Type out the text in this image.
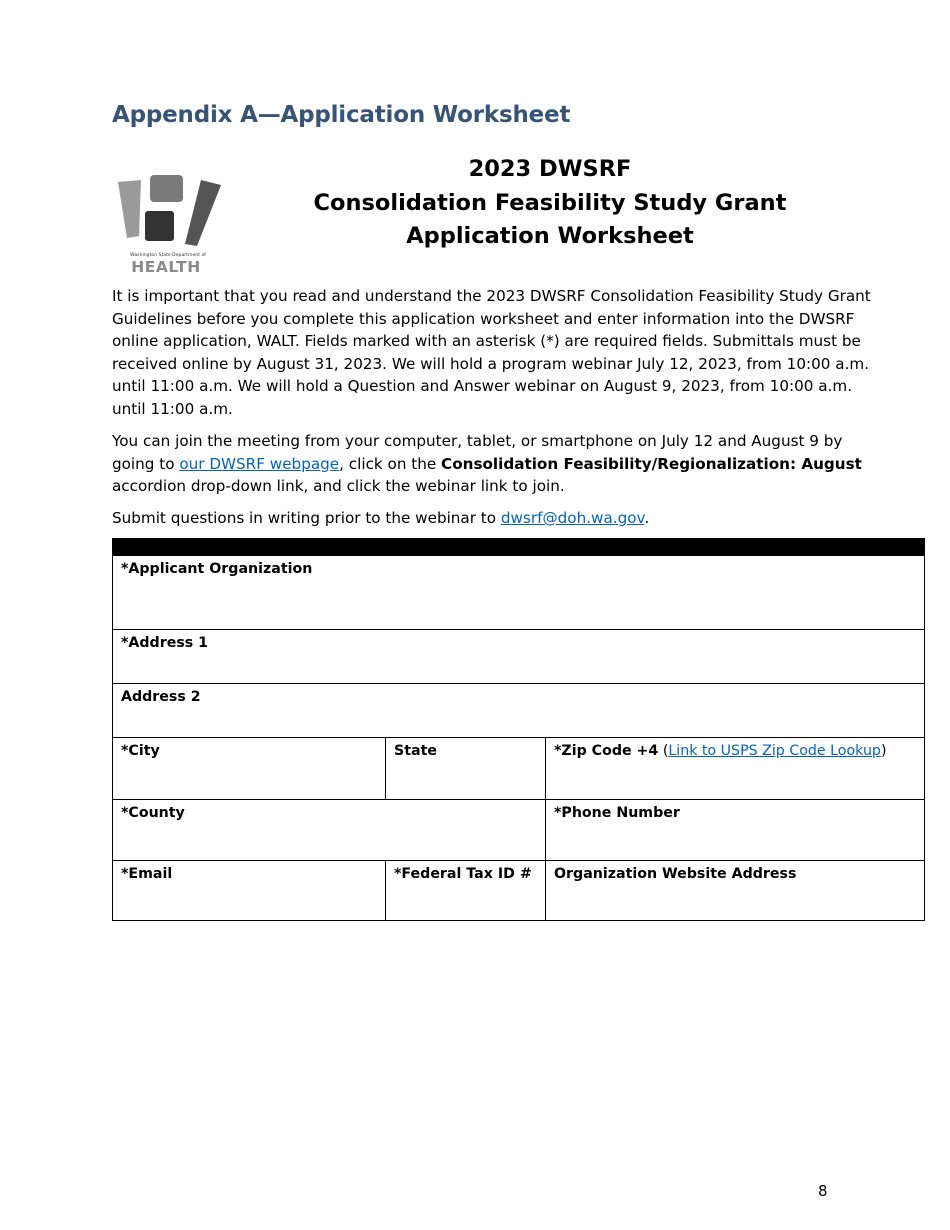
Appendix A—Application Worksheet
Washington State Department of
HEALTH
2023 DWSRF
Consolidation Feasibility Study Grant
Application Worksheet

It is important that you read and understand the 2023 DWSRF Consolidation Feasibility Study Grant Guidelines before you complete this application worksheet and enter information into the DWSRF online application, WALT. Fields marked with an asterisk (*) are required fields. Submittals must be received online by August 31, 2023. We will hold a program webinar July 12, 2023, from 10:00 a.m. until 11:00 a.m. We will hold a Question and Answer webinar on August 9, 2023, from 10:00 a.m. until 11:00 a.m.

You can join the meeting from your computer, tablet, or smartphone on July 12 and August 9 by going to our DWSRF webpage, click on the Consolidation Feasibility/Regionalization: August accordion drop-down link, and click the webinar link to join.

Submit questions in writing prior to the webinar to dwsrf@doh.wa.gov.

*Applicant Organization		
*Address 1		
Address 2		
*City	State	*Zip Code +4 (Link to USPS Zip Code Lookup)
*County		*Phone Number
*Email	*Federal Tax ID #	Organization Website Address
8
